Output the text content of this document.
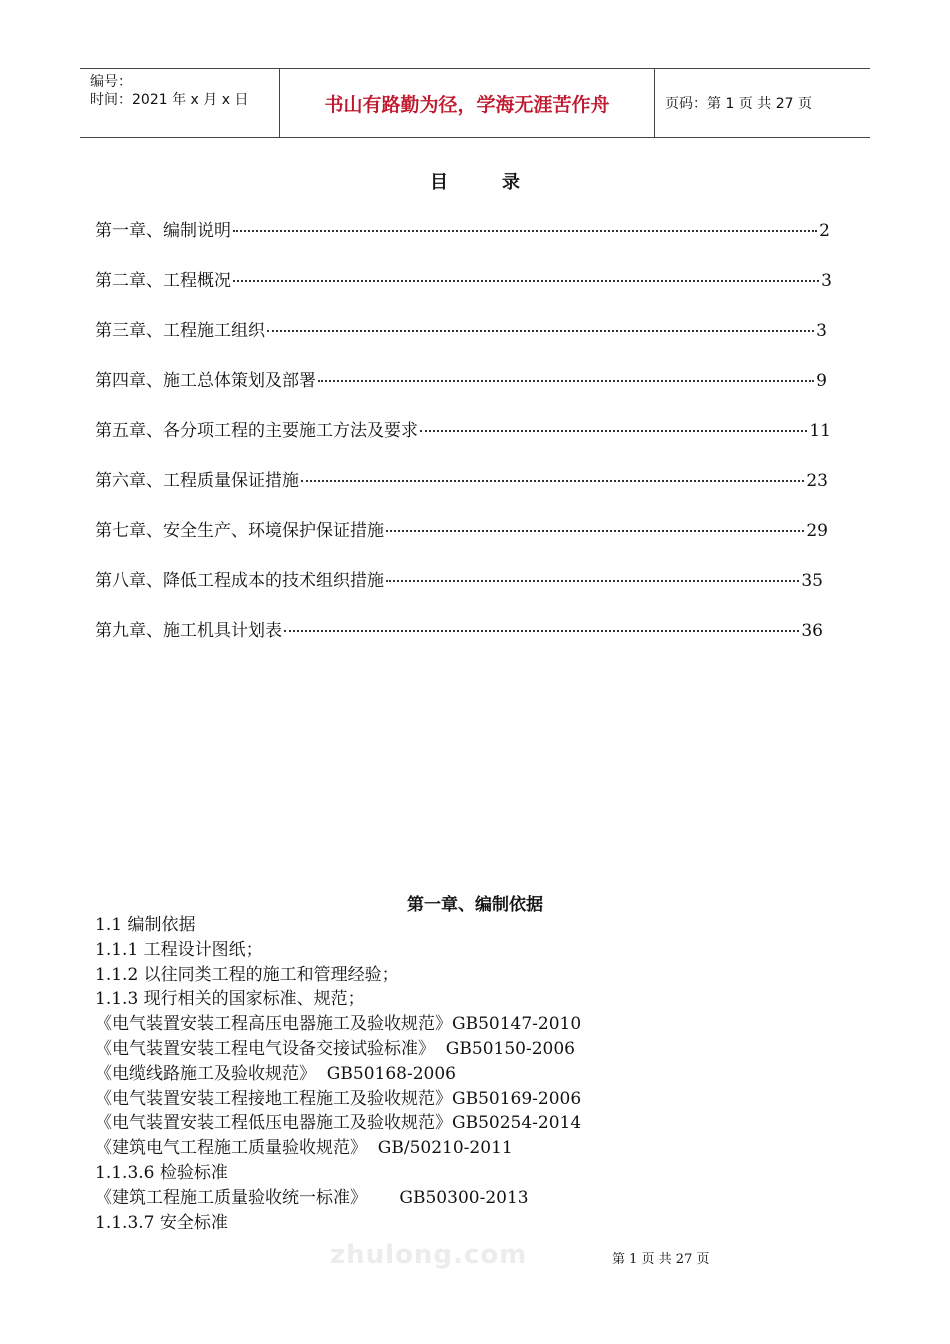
编号：
时间：2021 年 x 月 x 日	书山有路勤为径，学海无涯苦作舟	页码：第 1 页 共 27 页
目	录
第一章、编制说明	2
第二章、工程概况	3
第三章、工程施工组织	3
第四章、施工总体策划及部署	9
第五章、各分项工程的主要施工方法及要求	11
第六章、工程质量保证措施	23
第七章、安全生产、环境保护保证措施	29
第八章、降低工程成本的技术组织措施	35
第九章、施工机具计划表	36
第一章、编制依据
1.1 编制依据
1.1.1 工程设计图纸；
1.1.2 以往同类工程的施工和管理经验；
1.1.3 现行相关的国家标准、规范；
《电气装置安装工程高压电器施工及验收规范》GB50147-2010
《电气装置安装工程电气设备交接试验标准》  GB50150-2006
《电缆线路施工及验收规范》  GB50168-2006
《电气装置安装工程接地工程施工及验收规范》GB50169-2006
《电气装置安装工程低压电器施工及验收规范》GB50254-2014
《建筑电气工程施工质量验收规范》  GB/50210-2011
1.1.3.6 检验标准
《建筑工程施工质量验收统一标准》      GB50300-2013
1.1.3.7 安全标准
zhulong.com	第 1 页 共 27 页
